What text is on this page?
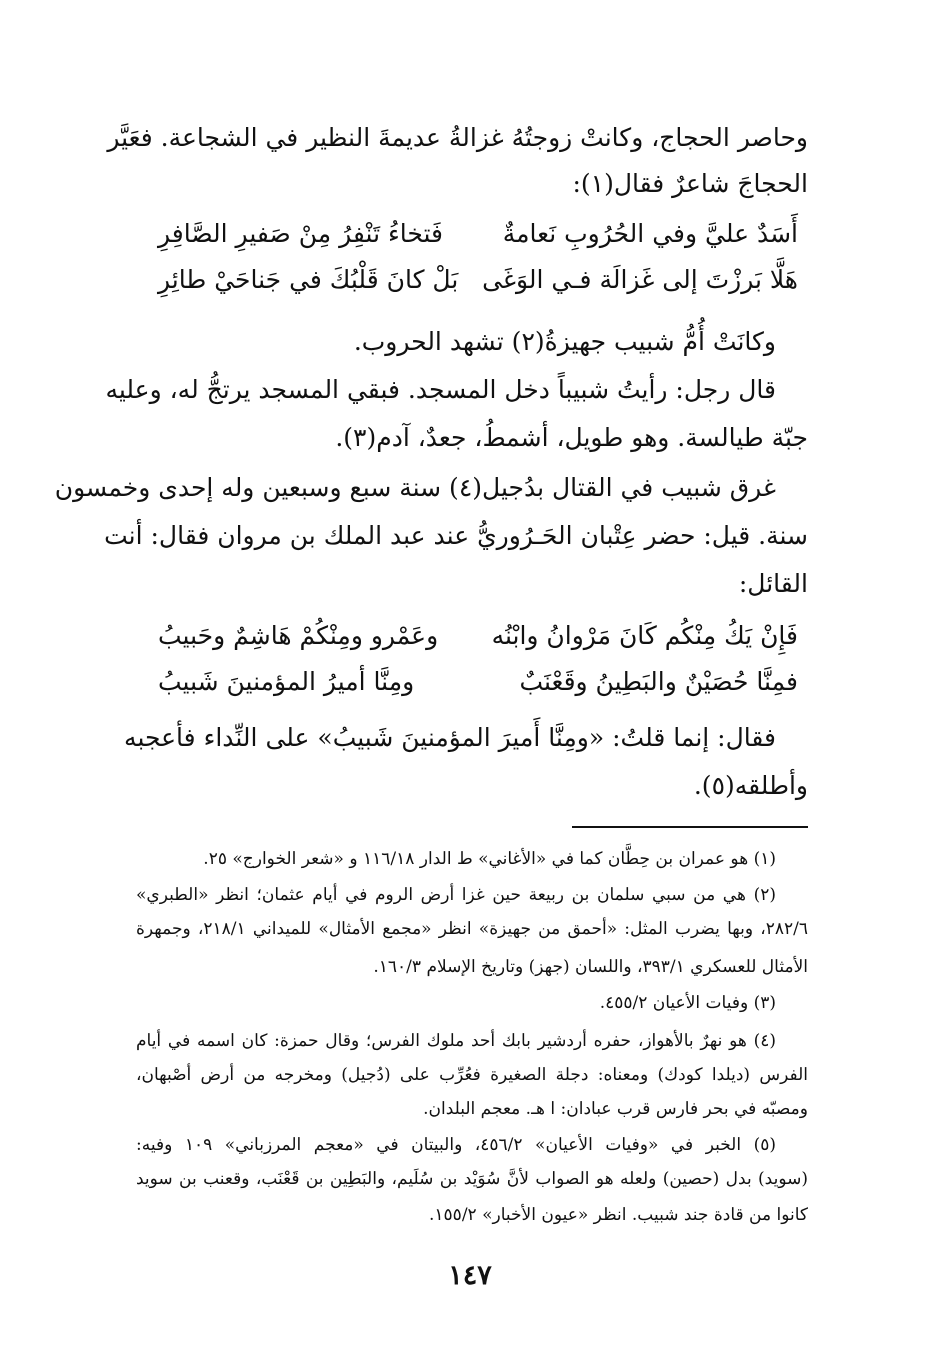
وحاصر الحجاج، وكانتْ زوجتُهُ غزالةُ عديمةَ النظير في الشجاعة. فعَيَّر
الحجاجَ شاعرٌ فقال(١):
أَسَدٌ عليَّ وفي الحُرُوبِ نَعامةٌ
فَتخاءُ تَنْفِرُ مِنْ صَفيرِ الصَّافِرِ
هَلَّا بَرزْتَ إلى غَزالَة فـي الوَغَى
بَلْ كانَ قَلْبُكَ في جَناحَيْ طائِرِ
وكانَتْ أُمُّ شبيب جهيزةُ(٢) تشهد الحروب.
قال رجل: رأيتُ شبيباً دخل المسجد. فبقي المسجد يرتجُّ له، وعليه
جبّة طيالسة. وهو طويل، أشمطُ، جعدٌ، آدم(٣).
غرق شبيب في القتال بدُجيل(٤) سنة سبع وسبعين وله إحدى وخمسون
سنة. قيل: حضر عِتْبان الحَـرُوريُّ عند عبد الملك بن مروان فقال: أنت
القائل:
فَإِنْ يَكُ مِنْكُم كَانَ مَرْوانُ وابْنُه
وعَمْرو ومِنْكُمْ هَاشِمٌ وحَبيبُ
فمِنَّا حُصَيْنٌ والبَطِينُ وقَعْنَبٌ
ومِنَّا أميرُ المؤمنينَ شَبيبُ
فقال: إنما قلتُ: «ومِنَّا أَميرَ المؤمنينَ شَبيبُ» على النِّداء فأعجبه
وأطلقه(٥).
(١) هو عمران بن حِطَّان كما في «الأغاني» ط الدار ١١٦/١٨ و «شعر الخوارج» ٢٥.
(٢) هي من سبي سلمان بن ربيعة حين غزا أرض الروم في أيام عثمان؛ انظر «الطبري»
٢٨٢/٦، وبها يضرب المثل: «أحمق من جهيزة» انظر «مجمع الأمثال» للميداني ٢١٨/١، وجمهرة
الأمثال للعسكري ٣٩٣/١، واللسان (جهز) وتاريخ الإسلام ١٦٠/٣.
(٣) وفيات الأعيان ٤٥٥/٢.
(٤) هو نهرٌ بالأهواز، حفره أردشير بابك أحد ملوك الفرس؛ وقال حمزة: كان اسمه في أيام
الفرس (ديلدا كودك) ومعناه: دجلة الصغيرة فعُرِّب على (دُجيل) ومخرجه من أرض أصْبهان،
ومصبّه في بحر فارس قرب عبادان: ا هـ. معجم البلدان.
(٥) الخبر في «وفيات الأعيان» ٤٥٦/٢، والبيتان في «معجم المرزباني» ١٠٩ وفيه:
(سويد) بدل (حصين) ولعله هو الصواب لأنَّ سُوَيْد بن سُلَيم، والبَطِين بن قَعْنَب، وقعنب بن سويد
كانوا من قادة جند شبيب. انظر «عيون الأخبار» ١٥٥/٢.
١٤٧
